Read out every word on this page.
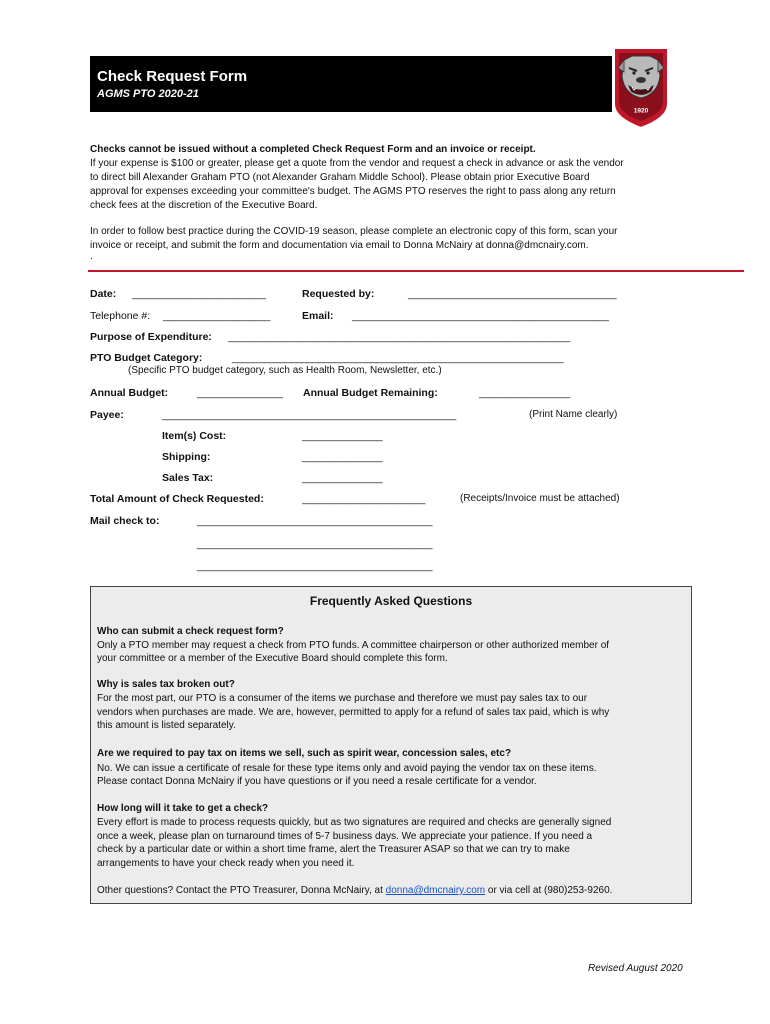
Check Request Form
AGMS PTO 2020-21
1920
Checks cannot be issued without a completed Check Request Form and an invoice or receipt.
If your expense is $100 or greater, please get a quote from the vendor and request a check in advance or ask the vendor
to direct bill Alexander Graham PTO (not Alexander Graham Middle School). Please obtain prior Executive Board
approval for expenses exceeding your committee's budget. The AGMS PTO reserves the right to pass along any return
check fees at the discretion of the Executive Board.
In order to follow best practice during the COVID-19 season, please complete an electronic copy of this form, scan your
invoice or receipt, and submit the form and documentation via email to Donna McNairy at donna@dmcnairy.com.
.
Date: _________________________	Requested by:	_______________________________________
Telephone #: ____________________	Email: ________________________________________________
Purpose of Expenditure: ________________________________________________________________
PTO Budget Category:	______________________________________________________________
(Specific PTO budget category, such as Health Room, Newsletter, etc.)
Annual Budget:	________________ Annual Budget Remaining:	_________________
Payee:	_______________________________________________________	(Print Name clearly)
Item(s) Cost:	_______________
Shipping:	_______________
Sales Tax:	_______________
Total Amount of Check Requested:	_______________________	(Receipts/Invoice must be attached)
Mail check to:	____________________________________________
____________________________________________
____________________________________________
Frequently Asked Questions
Who can submit a check request form?
Only a PTO member may request a check from PTO funds. A committee chairperson or other authorized member of
your committee or a member of the Executive Board should complete this form.
Why is sales tax broken out?
For the most part, our PTO is a consumer of the items we purchase and therefore we must pay sales tax to our
vendors when purchases are made. We are, however, permitted to apply for a refund of sales tax paid, which is why
this amount is listed separately.
Are we required to pay tax on items we sell, such as spirit wear, concession sales, etc?
No. We can issue a certificate of resale for these type items only and avoid paying the vendor tax on these items.
Please contact Donna McNairy if you have questions or if you need a resale certificate for a vendor.
How long will it take to get a check?
Every effort is made to process requests quickly, but as two signatures are required and checks are generally signed
once a week, please plan on turnaround times of 5-7 business days. We appreciate your patience. If you need a
check by a particular date or within a short time frame, alert the Treasurer ASAP so that we can try to make
arrangements to have your check ready when you need it.
Other questions? Contact the PTO Treasurer, Donna McNairy, at donna@dmcnairy.com or via cell at (980)253-9260.
Revised August 2020
